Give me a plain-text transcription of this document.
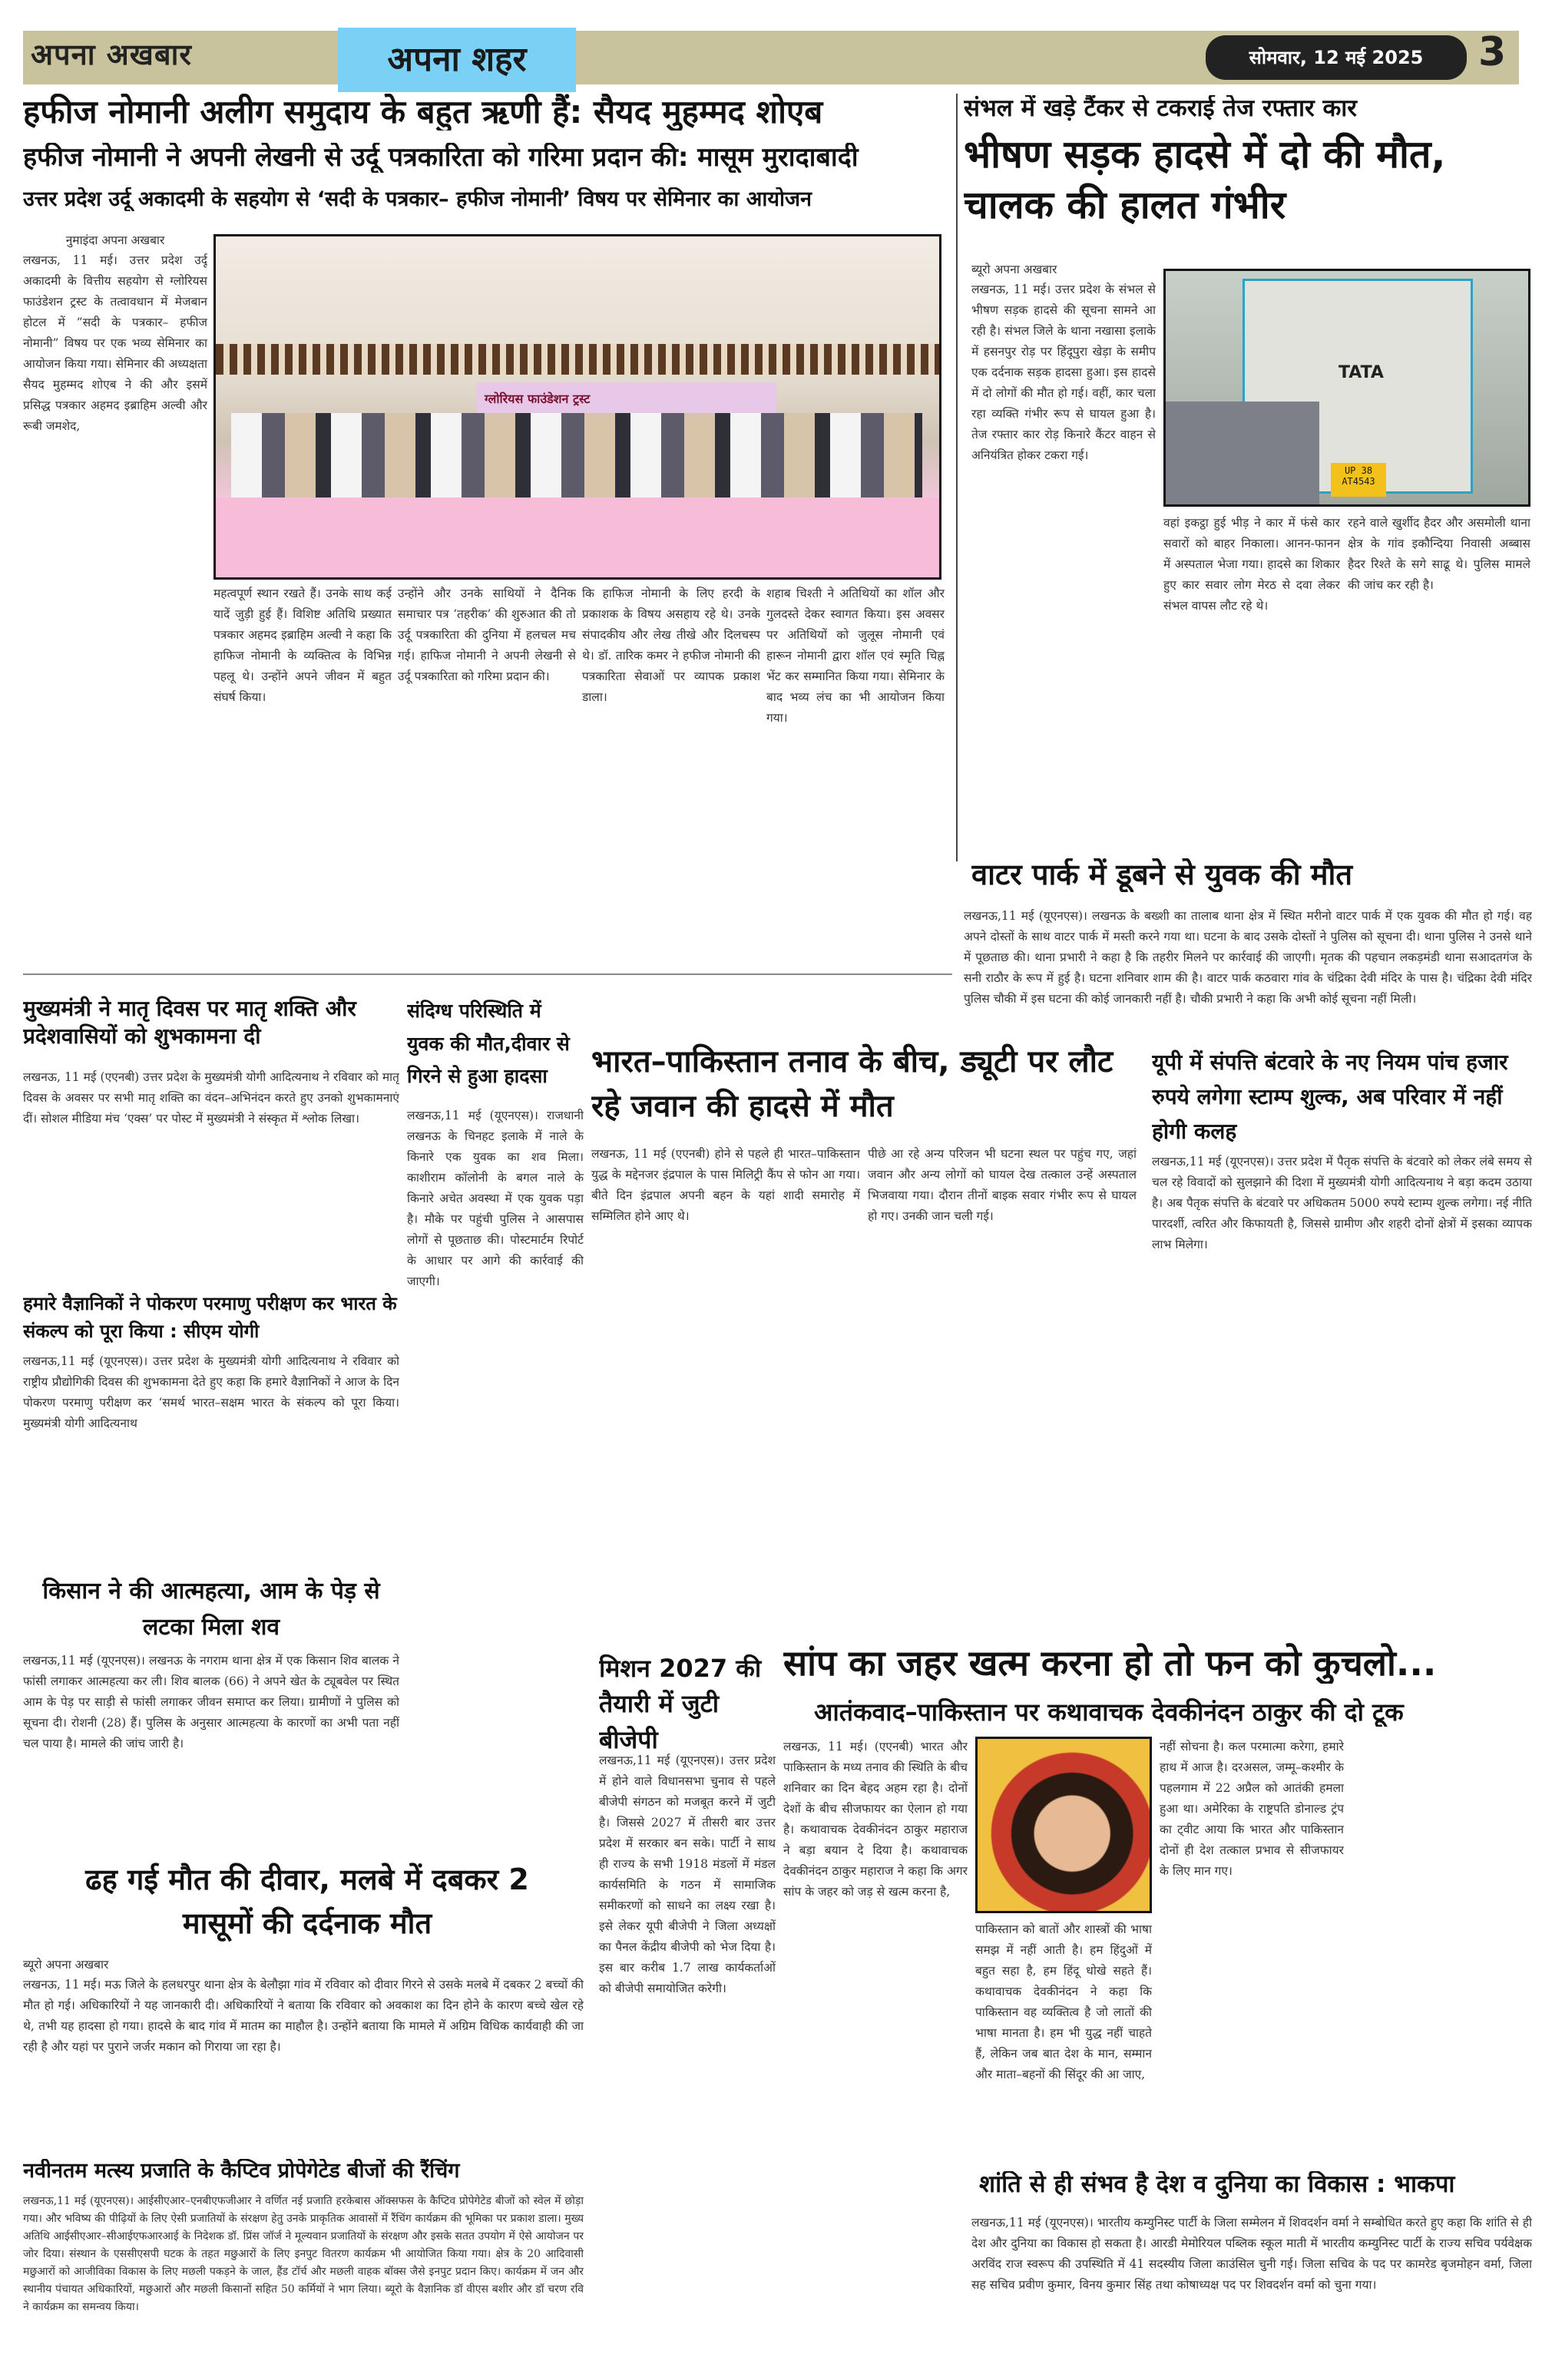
अपना अखबार	अपना शहर	सोमवार, 12 मई 2025	3
हफीज नोमानी अलीग समुदाय के बहुत ऋणी हैं: सैयद मुहम्मद शोएब
हफीज नोमानी ने अपनी लेखनी से उर्दू पत्रकारिता को गरिमा प्रदान की: मासूम मुरादाबादी
उत्तर प्रदेश उर्दू अकादमी के सहयोग से ‘सदी के पत्रकार– हफीज नोमानी’ विषय पर सेमिनार का आयोजन
नुमाइंदा अपना अखबार
लखनऊ, 11 मई। उत्तर प्रदेश उर्दू अकादमी के वित्तीय सहयोग से ग्लोरियस फाउंडेशन ट्रस्ट के तत्वावधान में मेजबान होटल में ”सदी के पत्रकार– हफीज नोमानी” विषय पर एक भव्य सेमिनार का आयोजन किया गया। सेमिनार की अध्यक्षता सैयद मुहम्मद शोएब ने की और इसमें प्रसिद्ध पत्रकार अहमद इब्राहिम अल्वी और रूबी जमशेद,
ग्लोरियस फाउंडेशन ट्रस्ट
महत्वपूर्ण स्थान रखते हैं। उनके साथ कई यादें जुड़ी हुई हैं। विशिष्ट अतिथि प्रख्यात पत्रकार अहमद इब्राहिम अल्वी ने कहा कि हाफिज नोमानी के व्यक्तित्व के विभिन्न पहलू थे। उन्होंने अपने जीवन में बहुत संघर्ष किया।
उन्होंने और उनके साथियों ने दैनिक समाचार पत्र ‘तहरीक’ की शुरुआत की तो उर्दू पत्रकारिता की दुनिया में हलचल मच गई। हाफिज नोमानी ने अपनी लेखनी से उर्दू पत्रकारिता को गरिमा प्रदान की।
कि हाफिज नोमानी के लिए हरदी के प्रकाशक के विषय असहाय रहे थे। उनके संपादकीय और लेख तीखे और दिलचस्प थे। डॉ. तारिक कमर ने हफीज नोमानी की पत्रकारिता सेवाओं पर व्यापक प्रकाश डाला।
शहाब चिश्ती ने अतिथियों का शॉल और गुलदस्ते देकर स्वागत किया। इस अवसर पर अतिथियों को जुलूस नोमानी एवं हारून नोमानी द्वारा शॉल एवं स्मृति चिह्न भेंट कर सम्मानित किया गया। सेमिनार के बाद भव्य लंच का भी आयोजन किया गया।
संभल में खड़े टैंकर से टकराई तेज रफ्तार कार
भीषण सड़क हादसे में दो की मौत, चालक की हालत गंभीर
ब्यूरो अपना अखबार
लखनऊ, 11 मई। उत्तर प्रदेश के संभल से भीषण सड़क हादसे की सूचना सामने आ रही है। संभल जिले के थाना नखासा इलाके में हसनपुर रोड़ पर हिंदूपुरा खेड़ा के समीप एक दर्दनाक सड़क हादसा हुआ। इस हादसे में दो लोगों की मौत हो गई। वहीं, कार चला रहा व्यक्ति गंभीर रूप से घायल हुआ है। तेज रफ्तार कार रोड़ किनारे कैंटर वाहन से अनियंत्रित होकर टकरा गई।
TATA
UP 38 AT4543
वहां इकट्ठा हुई भीड़ ने कार में फंसे कार सवारों को बाहर निकाला। आनन-फानन में अस्पताल भेजा गया। हादसे का शिकार हुए कार सवार लोग मेरठ से दवा लेकर संभल वापस लौट रहे थे।
रहने वाले खुर्शीद हैदर और असमोली थाना क्षेत्र के गांव इकौन्दिया निवासी अब्बास हैदर रिश्ते के सगे साढू थे। पुलिस मामले की जांच कर रही है।
वाटर पार्क में डूबने से युवक की मौत
लखनऊ,11 मई (यूएनएस)। लखनऊ के बख्शी का तालाब थाना क्षेत्र में स्थित मरीनो वाटर पार्क में एक युवक की मौत हो गई। वह अपने दोस्तों के साथ वाटर पार्क में मस्ती करने गया था। घटना के बाद उसके दोस्तों ने पुलिस को सूचना दी। थाना पुलिस ने उनसे थाने में पूछताछ की। थाना प्रभारी ने कहा है कि तहरीर मिलने पर कार्रवाई की जाएगी। मृतक की पहचान लकड़मंडी थाना सआदतगंज के सनी राठौर के रूप में हुई है। घटना शनिवार शाम की है। वाटर पार्क कठवारा गांव के चंद्रिका देवी मंदिर के पास है। चंद्रिका देवी मंदिर पुलिस चौकी में इस घटना की कोई जानकारी नहीं है। चौकी प्रभारी ने कहा कि अभी कोई सूचना नहीं मिली।
मुख्यमंत्री ने मातृ दिवस पर मातृ शक्ति और प्रदेशवासियों को शुभकामना दी
लखनऊ, 11 मई (एएनबी) उत्तर प्रदेश के मुख्यमंत्री योगी आदित्यनाथ ने रविवार को मातृ दिवस के अवसर पर सभी मातृ शक्ति का वंदन–अभिनंदन करते हुए उनको शुभकामनाएं दीं। सोशल मीडिया मंच ‘एक्स’ पर पोस्ट में मुख्यमंत्री ने संस्कृत में श्लोक लिखा।
हमारे वैज्ञानिकों ने पोकरण परमाणु परीक्षण कर भारत के संकल्प को पूरा किया : सीएम योगी
लखनऊ,11 मई (यूएनएस)। उत्तर प्रदेश के मुख्यमंत्री योगी आदित्यनाथ ने रविवार को राष्ट्रीय प्रौद्योगिकी दिवस की शुभकामना देते हुए कहा कि हमारे वैज्ञानिकों ने आज के दिन पोकरण परमाणु परीक्षण कर ‘समर्थ भारत–सक्षम भारत के संकल्प को पूरा किया। मुख्यमंत्री योगी आदित्यनाथ
संदिग्ध परिस्थिति में युवक की मौत,दीवार से गिरने से हुआ हादसा
लखनऊ,11 मई (यूएनएस)। राजधानी लखनऊ के चिनहट इलाके में नाले के किनारे एक युवक का शव मिला। काशीराम कॉलोनी के बगल नाले के किनारे अचेत अवस्था में एक युवक पड़ा है। मौके पर पहुंची पुलिस ने आसपास लोगों से पूछताछ की। पोस्टमार्टम रिपोर्ट के आधार पर आगे की कार्रवाई की जाएगी।
भारत–पाकिस्तान तनाव के बीच, ड्यूटी पर लौट रहे जवान की हादसे में मौत
लखनऊ, 11 मई (एएनबी) होने से पहले ही भारत–पाकिस्तान युद्ध के मद्देनजर इंद्रपाल के पास मिलिट्री कैंप से फोन आ गया। बीते दिन इंद्रपाल अपनी बहन के यहां शादी समारोह में सम्मिलित होने आए थे।
पीछे आ रहे अन्य परिजन भी घटना स्थल पर पहुंच गए, जहां जवान और अन्य लोगों को घायल देख तत्काल उन्हें अस्पताल भिजवाया गया। दौरान तीनों बाइक सवार गंभीर रूप से घायल हो गए। उनकी जान चली गई।
यूपी में संपत्ति बंटवारे के नए नियम पांच हजार रुपये लगेगा स्टाम्प शुल्क, अब परिवार में नहीं होगी कलह
लखनऊ,11 मई (यूएनएस)। उत्तर प्रदेश में पैतृक संपत्ति के बंटवारे को लेकर लंबे समय से चल रहे विवादों को सुलझाने की दिशा में मुख्यमंत्री योगी आदित्यनाथ ने बड़ा कदम उठाया है। अब पैतृक संपत्ति के बंटवारे पर अधिकतम 5000 रुपये स्टाम्प शुल्क लगेगा। नई नीति पारदर्शी, त्वरित और किफायती है, जिससे ग्रामीण और शहरी दोनों क्षेत्रों में इसका व्यापक लाभ मिलेगा।
किसान ने की आत्महत्या, आम के पेड़ से लटका मिला शव
लखनऊ,11 मई (यूएनएस)। लखनऊ के नगराम थाना क्षेत्र में एक किसान शिव बालक ने फांसी लगाकर आत्महत्या कर ली। शिव बालक (66) ने अपने खेत के ट्यूबवेल पर स्थित आम के पेड़ पर साड़ी से फांसी लगाकर जीवन समाप्त कर लिया। ग्रामीणों ने पुलिस को सूचना दी। रोशनी (28) हैं। पुलिस के अनुसार आत्महत्या के कारणों का अभी पता नहीं चल पाया है। मामले की जांच जारी है।
ढह गई मौत की दीवार, मलबे में दबकर 2 मासूमों की दर्दनाक मौत
ब्यूरो अपना अखबार
लखनऊ, 11 मई। मऊ जिले के हलधरपुर थाना क्षेत्र के बेलौझा गांव में रविवार को दीवार गिरने से उसके मलबे में दबकर 2 बच्चों की मौत हो गई। अधिकारियों ने यह जानकारी दी। अधिकारियों ने बताया कि रविवार को अवकाश का दिन होने के कारण बच्चे खेल रहे थे, तभी यह हादसा हो गया। हादसे के बाद गांव में मातम का माहौल है। उन्होंने बताया कि मामले में अग्रिम विधिक कार्यवाही की जा रही है और यहां पर पुराने जर्जर मकान को गिराया जा रहा है।
नवीनतम मत्स्य प्रजाति के कैप्टिव प्रोपेगेटेड बीजों की रैंचिंग
लखनऊ,11 मई (यूएनएस)। आईसीएआर–एनबीएफजीआर ने वर्णित नई प्रजाति हरकेबास ऑक्सफस के कैप्टिव प्रोपेगेटेड बीजों को स्वेल में छोड़ा गया। और भविष्य की पीढ़ियों के लिए ऐसी प्रजातियों के संरक्षण हेतु उनके प्राकृतिक आवासों में रैंचिंग कार्यक्रम की भूमिका पर प्रकाश डाला। मुख्य अतिथि आईसीएआर–सीआईएफआरआई के निदेशक डॉ. प्रिंस जॉर्ज ने मूल्यवान प्रजातियों के संरक्षण और इसके सतत उपयोग में ऐसे आयोजन पर जोर दिया। संस्थान के एससीएसपी घटक के तहत मछुआरों के लिए इनपुट वितरण कार्यक्रम भी आयोजित किया गया। क्षेत्र के 20 आदिवासी मछुआरों को आजीविका विकास के लिए मछली पकड़ने के जाल, हैंड टॉर्च और मछली वाहक बॉक्स जैसे इनपुट प्रदान किए। कार्यक्रम में जन और स्थानीय पंचायत अधिकारियों, मछुआरों और मछली किसानों सहित 50 कर्मियों ने भाग लिया। ब्यूरो के वैज्ञानिक डॉ वीएस बशीर और डॉ चरण रवि ने कार्यक्रम का समन्वय किया।
मिशन 2027 की तैयारी में जुटी बीजेपी
लखनऊ,11 मई (यूएनएस)। उत्तर प्रदेश में होने वाले विधानसभा चुनाव से पहले बीजेपी संगठन को मजबूत करने में जुटी है। जिससे 2027 में तीसरी बार उत्तर प्रदेश में सरकार बन सके। पार्टी ने साथ ही राज्य के सभी 1918 मंडलों में मंडल कार्यसमिति के गठन में सामाजिक समीकरणों को साधने का लक्ष्य रखा है। इसे लेकर यूपी बीजेपी ने जिला अध्यक्षों का पैनल केंद्रीय बीजेपी को भेज दिया है। इस बार करीब 1.7 लाख कार्यकर्ताओं को बीजेपी समायोजित करेगी।
सांप का जहर खत्म करना हो तो फन को कुचलो...
आतंकवाद–पाकिस्तान पर कथावाचक देवकीनंदन ठाकुर की दो टूक
लखनऊ, 11 मई। (एएनबी) भारत और पाकिस्तान के मध्य तनाव की स्थिति के बीच शनिवार का दिन बेहद अहम रहा है। दोनों देशों के बीच सीजफायर का ऐलान हो गया है। कथावाचक देवकीनंदन ठाकुर महाराज ने बड़ा बयान दे दिया है। कथावाचक देवकीनंदन ठाकुर महाराज ने कहा कि अगर सांप के जहर को जड़ से खत्म करना है,
पाकिस्तान को बातों और शास्त्रों की भाषा समझ में नहीं आती है। हम हिंदुओं में बहुत सहा है, हम हिंदू धोखे सहते हैं। कथावाचक देवकीनंदन ने कहा कि पाकिस्तान वह व्यक्तित्व है जो लातों की भाषा मानता है। हम भी युद्ध नहीं चाहते हैं, लेकिन जब बात देश के मान, सम्मान और माता–बहनों की सिंदूर की आ जाए,
नहीं सोचना है। कल परमात्मा करेगा, हमारे हाथ में आज है। दरअसल, जम्मू–कश्मीर के पहलगाम में 22 अप्रैल को आतंकी हमला हुआ था। अमेरिका के राष्ट्रपति डोनाल्ड ट्रंप का ट्वीट आया कि भारत और पाकिस्तान दोनों ही देश तत्काल प्रभाव से सीजफायर के लिए मान गए।
शांति से ही संभव है देश व दुनिया का विकास : भाकपा
लखनऊ,11 मई (यूएनएस)। भारतीय कम्युनिस्ट पार्टी के जिला सम्मेलन में शिवदर्शन वर्मा ने सम्बोधित करते हुए कहा कि शांति से ही देश और दुनिया का विकास हो सकता है। आरडी मेमोरियल पब्लिक स्कूल माती में भारतीय कम्युनिस्ट पार्टी के राज्य सचिव पर्यवेक्षक अरविंद राज स्वरूप की उपस्थिति में 41 सदस्यीय जिला काउंसिल चुनी गई। जिला सचिव के पद पर कामरेड बृजमोहन वर्मा, जिला सह सचिव प्रवीण कुमार, विनय कुमार सिंह तथा कोषाध्यक्ष पद पर शिवदर्शन वर्मा को चुना गया।
